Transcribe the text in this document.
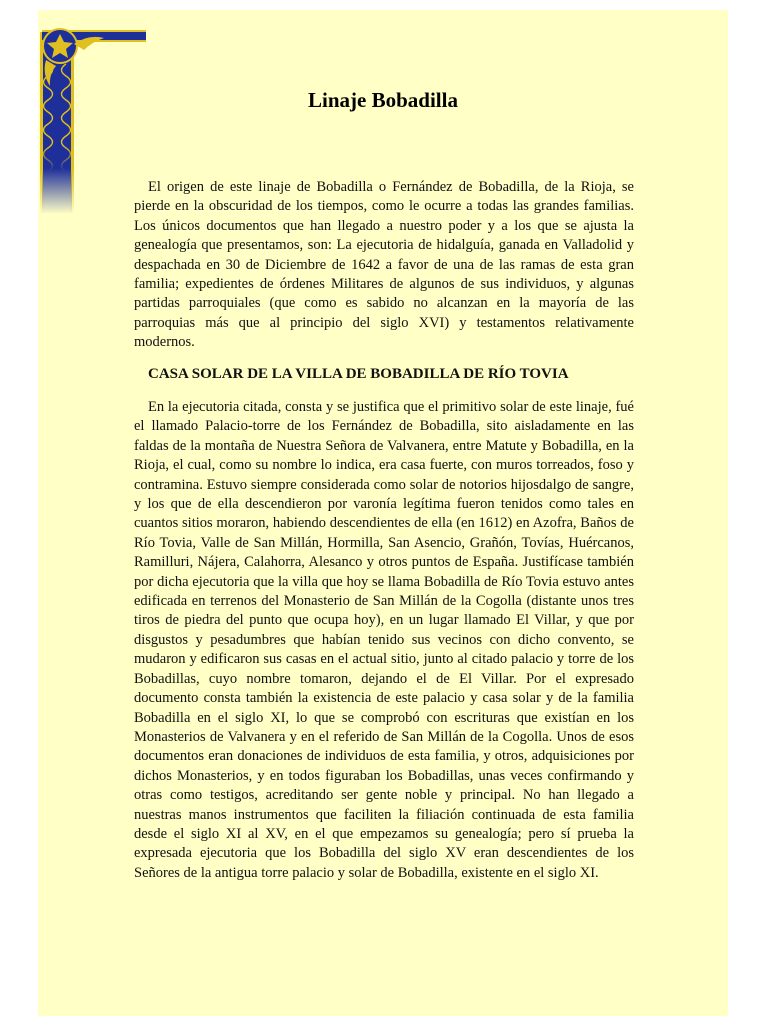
Linaje Bobadilla

El origen de este linaje de Bobadilla o Fernández de Bobadilla, de la Rioja, se pierde en la obscuridad de los tiempos, como le ocurre a todas las grandes familias. Los únicos documentos que han llegado a nuestro poder y a los que se ajusta la genealogía que presentamos, son: La ejecutoria de hidalguía, ganada en Valladolid y despachada en 30 de Diciembre de 1642 a favor de una de las ramas de esta gran familia; expedientes de órdenes Militares de algunos de sus individuos, y algunas partidas parroquiales (que como es sabido no alcanzan en la mayoría de las parroquias más que al principio del siglo XVI) y testamentos relativamente modernos.

CASA SOLAR DE LA VILLA DE BOBADILLA DE RÍO TOVIA

En la ejecutoria citada, consta y se justifica que el primitivo solar de este linaje, fué el llamado Palacio-torre de los Fernández de Bobadilla, sito aisladamente en las faldas de la montaña de Nuestra Señora de Valvanera, entre Matute y Bobadilla, en la Rioja, el cual, como su nombre lo indica, era casa fuerte, con muros torreados, foso y contramina. Estuvo siempre considerada como solar de notorios hijosdalgo de sangre, y los que de ella descendieron por varonía legítima fueron tenidos como tales en cuantos sitios moraron, habiendo descendientes de ella (en 1612) en Azofra, Baños de Río Tovia, Valle de San Millán, Hormilla, San Asencio, Grañón, Tovías, Huércanos, Ramilluri, Nájera, Calahorra, Alesanco y otros puntos de España. Justifícase también por dicha ejecutoria que la villa que hoy se llama Bobadilla de Río Tovia estuvo antes edificada en terrenos del Monasterio de San Millán de la Cogolla (distante unos tres tiros de piedra del punto que ocupa hoy), en un lugar llamado El Villar, y que por disgustos y pesadumbres que habían tenido sus vecinos con dicho convento, se mudaron y edificaron sus casas en el actual sitio, junto al citado palacio y torre de los Bobadillas, cuyo nombre tomaron, dejando el de El Villar. Por el expresado documento consta también la existencia de este palacio y casa solar y de la familia Bobadilla en el siglo XI, lo que se comprobó con escrituras que existían en los Monasterios de Valvanera y en el referido de San Millán de la Cogolla. Unos de esos documentos eran donaciones de individuos de esta familia, y otros, adquisiciones por dichos Monasterios, y en todos figuraban los Bobadillas, unas veces confirmando y otras como testigos, acreditando ser gente noble y principal. No han llegado a nuestras manos instrumentos que faciliten la filiación continuada de esta familia desde el siglo XI al XV, en el que empezamos su genealogía; pero sí prueba la expresada ejecutoria que los Bobadilla del siglo XV eran descendientes de los Señores de la antigua torre palacio y solar de Bobadilla, existente en el siglo XI.
